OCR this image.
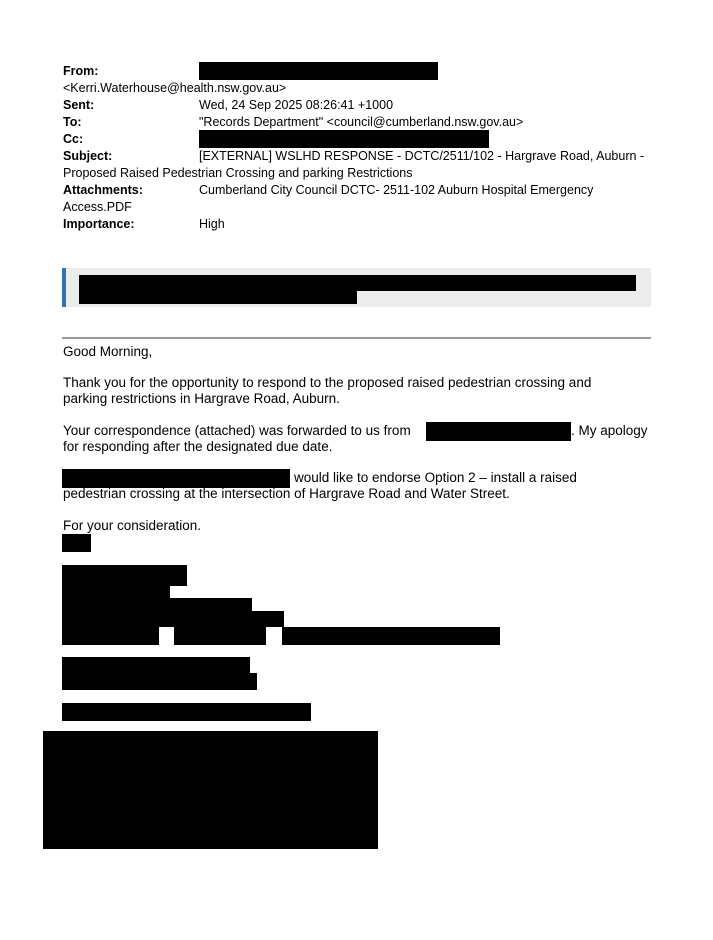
From:
<Kerri.Waterhouse@health.nsw.gov.au>
Sent:	Wed, 24 Sep 2025 08:26:41 +1000
To:	"Records Department" <council@cumberland.nsw.gov.au>
Cc:
Subject:	[EXTERNAL] WSLHD RESPONSE - DCTC/2511/102 - Hargrave Road, Auburn -
Proposed Raised Pedestrian Crossing and parking Restrictions
Attachments:	Cumberland City Council DCTC- 2511-102 Auburn Hospital Emergency
Access.PDF
Importance:	High
Good Morning,
Thank you for the opportunity to respond to the proposed raised pedestrian crossing and
parking restrictions in Hargrave Road, Auburn.
Your correspondence (attached) was forwarded to us from	. My apology
for responding after the designated due date.
would like to endorse Option 2 – install a raised
pedestrian crossing at the intersection of Hargrave Road and Water Street.
For your consideration.
